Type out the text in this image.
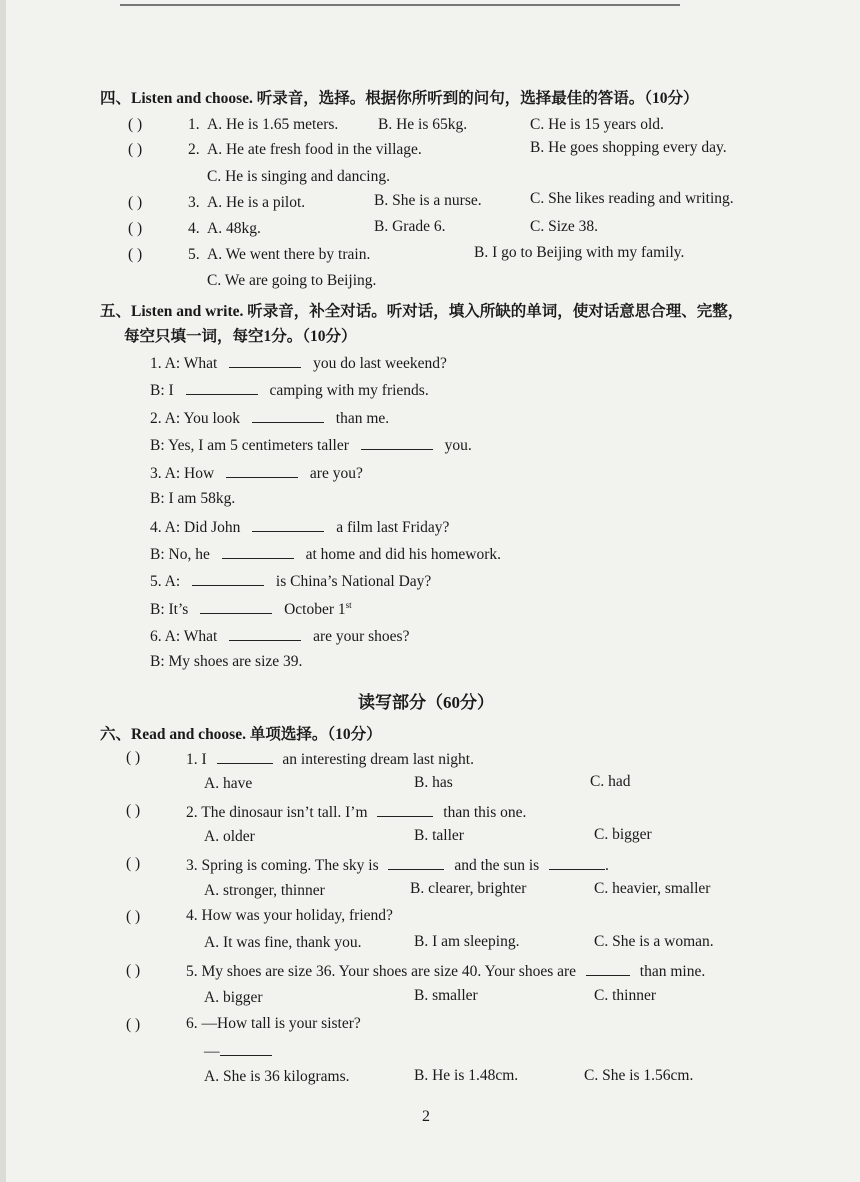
四、Listen and choose. 听录音，选择。根据你所听到的问句，选择最佳的答语。（10分）
( )	1. A. He is 1.65 meters.	B. He is 65kg.	C. He is 15 years old.
( )	2. A. He ate fresh food in the village.	B. He goes shopping every day.
C. He is singing and dancing.
( )	3. A. He is a pilot.	B. She is a nurse.	C. She likes reading and writing.
( )	4. A. 48kg.	B. Grade 6.	C. Size 38.
( )	5. A. We went there by train.	B. I go to Beijing with my family.
C. We are going to Beijing.
五、Listen and write. 听录音，补全对话。听对话，填入所缺的单词，使对话意思合理、完整，
每空只填一词，每空1分。（10分）
1. A: What	you do last weekend?
B: I	camping with my friends.
2. A: You look	than me.
B: Yes, I am 5 centimeters taller	you.
3. A: How	are you?
B: I am 58kg.
4. A: Did John	a film last Friday?
B: No, he	at home and did his homework.
5. A:	is China’s National Day?
B: It’s	October 1st
6. A: What	are your shoes?
B: My shoes are size 39.
读写部分（60分）
六、Read and choose. 单项选择。（10分）
( )	1. I	an interesting dream last night.
A. have	B. has	C. had
( )	2. The dinosaur isn’t tall. I’m	than this one.
A. older	B. taller	C. bigger
( )	3. Spring is coming. The sky is	and the sun is	.
A. stronger, thinner	B. clearer, brighter	C. heavier, smaller
( )	4. How was your holiday, friend?
A. It was fine, thank you.	B. I am sleeping.	C. She is a woman.
( )	5. My shoes are size 36. Your shoes are size 40. Your shoes are	than mine.
A. bigger	B. smaller	C. thinner
( )	6. —How tall is your sister?
—
A. She is 36 kilograms.	B. He is 1.48cm.	C. She is 1.56cm.
2
